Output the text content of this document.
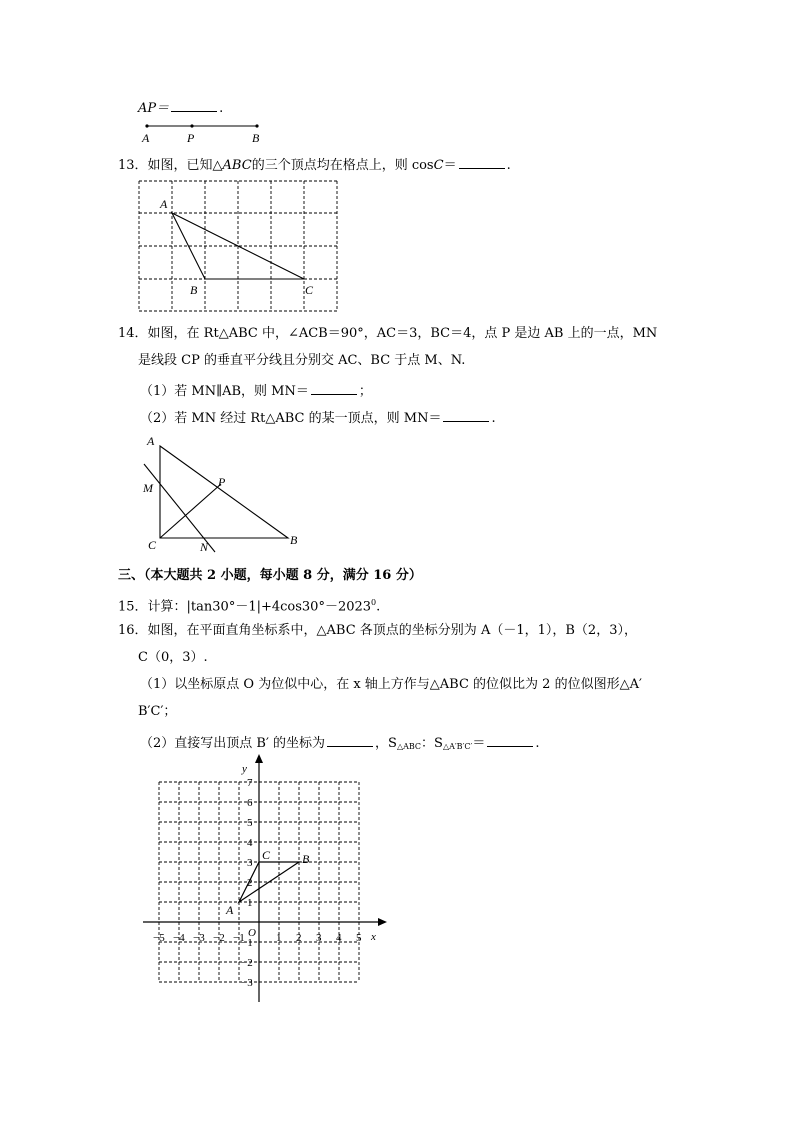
AP＝	.
A	P	B
13．如图，已知△ABC的三个顶点均在格点上，则 cosC＝	.
A
B	C
14．如图，在 Rt△ABC 中，∠ACB＝90°，AC＝3，BC＝4，点 P 是边 AB 上的一点，MN
是线段 CP 的垂直平分线且分别交 AC、BC 于点 M、N.
（1）若 MN∥AB，则 MN＝	；
（2）若 MN 经过 Rt△ABC 的某一顶点，则 MN＝	.
A
M	P
C	N	B
三、（本大题共 2 小题，每小题 8 分，满分 16 分）
15．计算：$|\tan 30^\circ-1|+4\cos 30^\circ-2023^0$.
16．如图，在平面直角坐标系中，△ABC 各顶点的坐标分别为 A（－1，1），B（2，3），
C（0，3）.
（1）以坐标原点 O 为位似中心，在 x 轴上方作与△ABC 的位似比为 2 的位似图形△A′
B′C′；
（2）直接写出顶点 B′ 的坐标为	，$S_{\triangle ABC}$：$S_{\triangle A'B'C'}=$	.
x
y
O
−5 −4 −3 −2 −1	1 2 3 4 5
7
6
5
4
3
2
1
−1
−2
−3
A
B
C
